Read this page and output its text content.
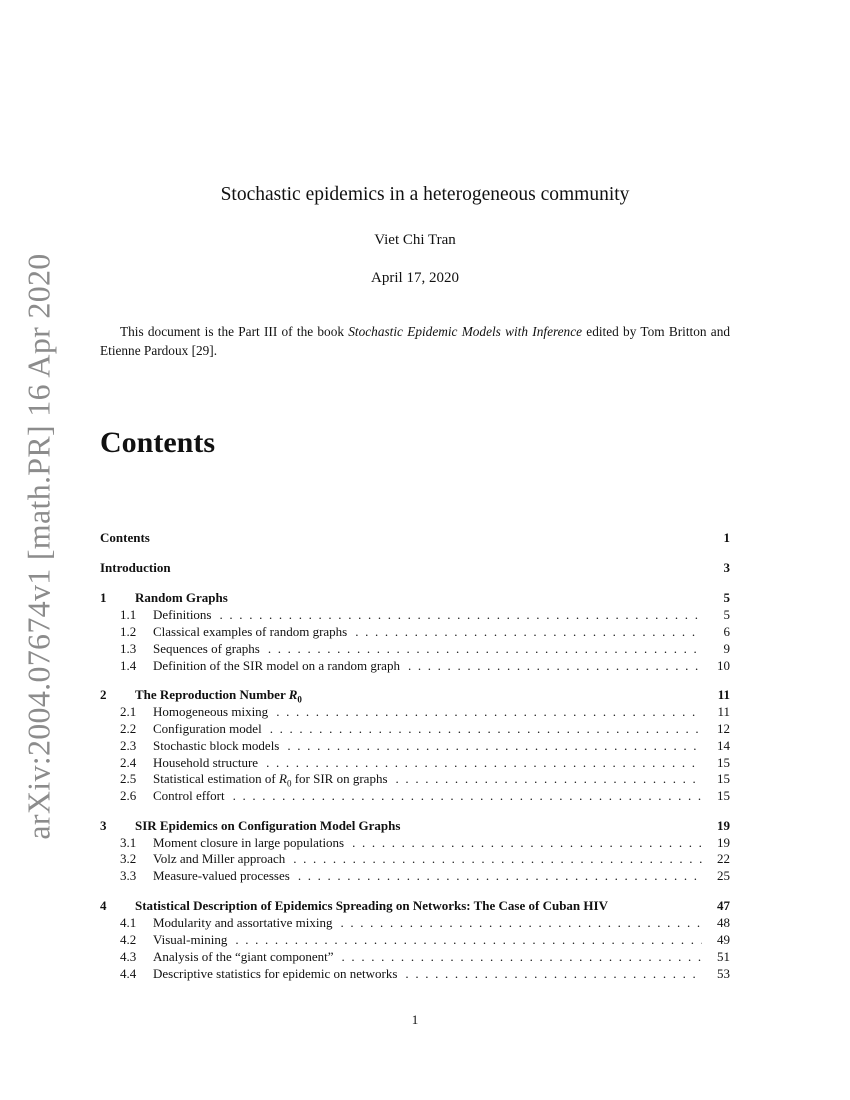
arXiv:2004.07674v1 [math.PR] 16 Apr 2020
Stochastic epidemics in a heterogeneous community
Viet Chi Tran
April 17, 2020

This document is the Part III of the book Stochastic Epidemic Models with Inference edited by Tom Britton and Etienne Pardoux [29].

Contents
Contents	1
Introduction	3
1	Random Graphs	5
1.1	Definitions . . .	5
1.2	Classical examples of random graphs . . .	6
1.3	Sequences of graphs . . .	9
1.4	Definition of the SIR model on a random graph . . .	10
2	The Reproduction Number $R_0$	11
2.1	Homogeneous mixing . . .	11
2.2	Configuration model . . .	12
2.3	Stochastic block models . . .	14
2.4	Household structure . . .	15
2.5	Statistical estimation of $R_0$ for SIR on graphs . . .	15
2.6	Control effort . . .	15
3	SIR Epidemics on Configuration Model Graphs	19
3.1	Moment closure in large populations . . .	19
3.2	Volz and Miller approach . . .	22
3.3	Measure-valued processes . . .	25
4	Statistical Description of Epidemics Spreading on Networks: The Case of Cuban HIV	47
4.1	Modularity and assortative mixing . . .	48
4.2	Visual-mining . . .	49
4.3	Analysis of the “giant component” . . .	51
4.4	Descriptive statistics for epidemic on networks . . .	53
1
